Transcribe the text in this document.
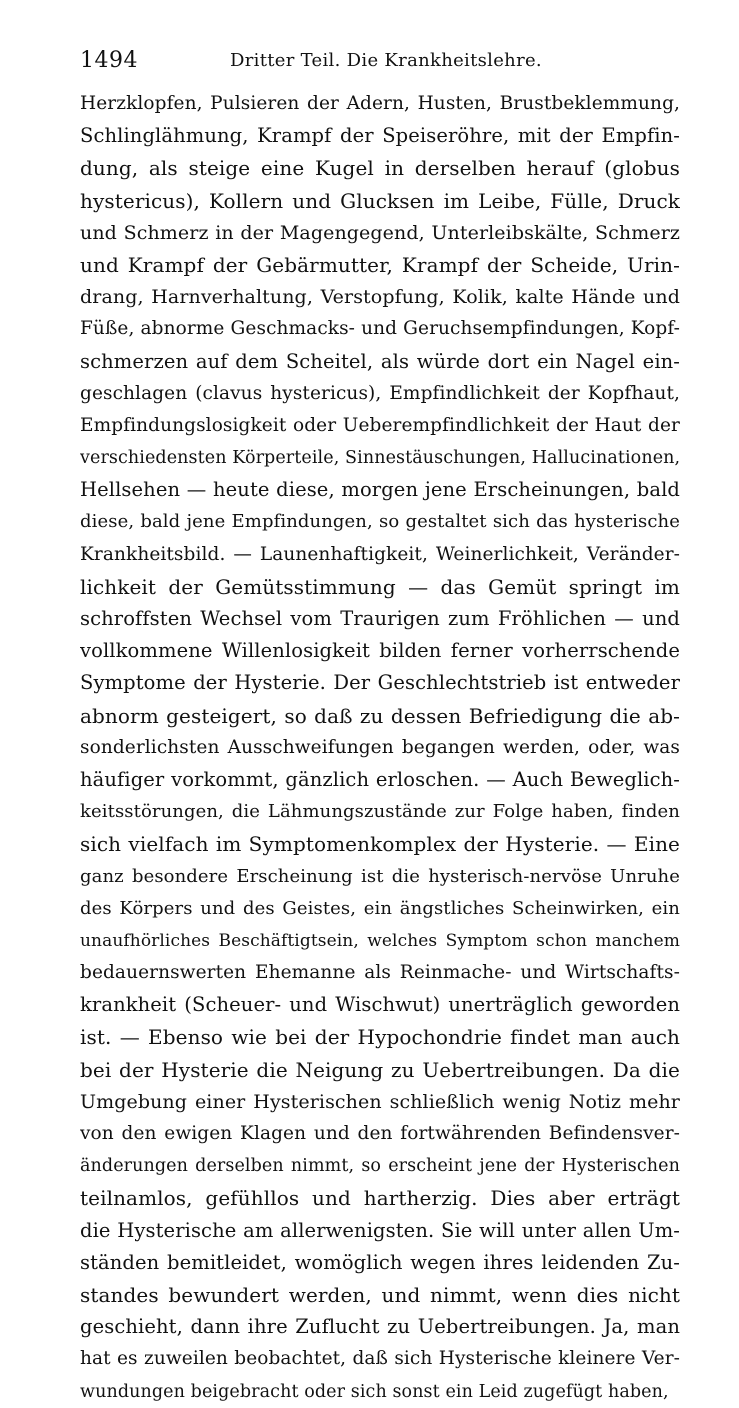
1494	Dritter Teil. Die Krankheitslehre.
Herzklopfen, Pulsieren der Adern, Husten, Brustbeklemmung,
Schlinglähmung, Krampf der Speiseröhre, mit der Empfin-
dung, als steige eine Kugel in derselben herauf (globus
hystericus), Kollern und Glucksen im Leibe, Fülle, Druck
und Schmerz in der Magengegend, Unterleibskälte, Schmerz
und Krampf der Gebärmutter, Krampf der Scheide, Urin-
drang, Harnverhaltung, Verstopfung, Kolik, kalte Hände und
Füße, abnorme Geschmacks- und Geruchsempfindungen, Kopf-
schmerzen auf dem Scheitel, als würde dort ein Nagel ein-
geschlagen (clavus hystericus), Empfindlichkeit der Kopfhaut,
Empfindungslosigkeit oder Ueberempfindlichkeit der Haut der
verschiedensten Körperteile, Sinnestäuschungen, Hallucinationen,
Hellsehen — heute diese, morgen jene Erscheinungen, bald
diese, bald jene Empfindungen, so gestaltet sich das hysterische
Krankheitsbild. — Launenhaftigkeit, Weinerlichkeit, Veränder-
lichkeit der Gemütsstimmung — das Gemüt springt im
schroffsten Wechsel vom Traurigen zum Fröhlichen — und
vollkommene Willenlosigkeit bilden ferner vorherrschende
Symptome der Hysterie. Der Geschlechtstrieb ist entweder
abnorm gesteigert, so daß zu dessen Befriedigung die ab-
sonderlichsten Ausschweifungen begangen werden, oder, was
häufiger vorkommt, gänzlich erloschen. — Auch Beweglich-
keitsstörungen, die Lähmungszustände zur Folge haben, finden
sich vielfach im Symptomenkomplex der Hysterie. — Eine
ganz besondere Erscheinung ist die hysterisch-nervöse Unruhe
des Körpers und des Geistes, ein ängstliches Scheinwirken, ein
unaufhörliches Beschäftigtsein, welches Symptom schon manchem
bedauernswerten Ehemanne als Reinmache- und Wirtschafts-
krankheit (Scheuer- und Wischwut) unerträglich geworden
ist. — Ebenso wie bei der Hypochondrie findet man auch
bei der Hysterie die Neigung zu Uebertreibungen. Da die
Umgebung einer Hysterischen schließlich wenig Notiz mehr
von den ewigen Klagen und den fortwährenden Befindensver-
änderungen derselben nimmt, so erscheint jene der Hysterischen
teilnamlos, gefühllos und hartherzig. Dies aber erträgt
die Hysterische am allerwenigsten. Sie will unter allen Um-
ständen bemitleidet, womöglich wegen ihres leidenden Zu-
standes bewundert werden, und nimmt, wenn dies nicht
geschieht, dann ihre Zuflucht zu Uebertreibungen. Ja, man
hat es zuweilen beobachtet, daß sich Hysterische kleinere Ver-
wundungen beigebracht oder sich sonst ein Leid zugefügt haben,
